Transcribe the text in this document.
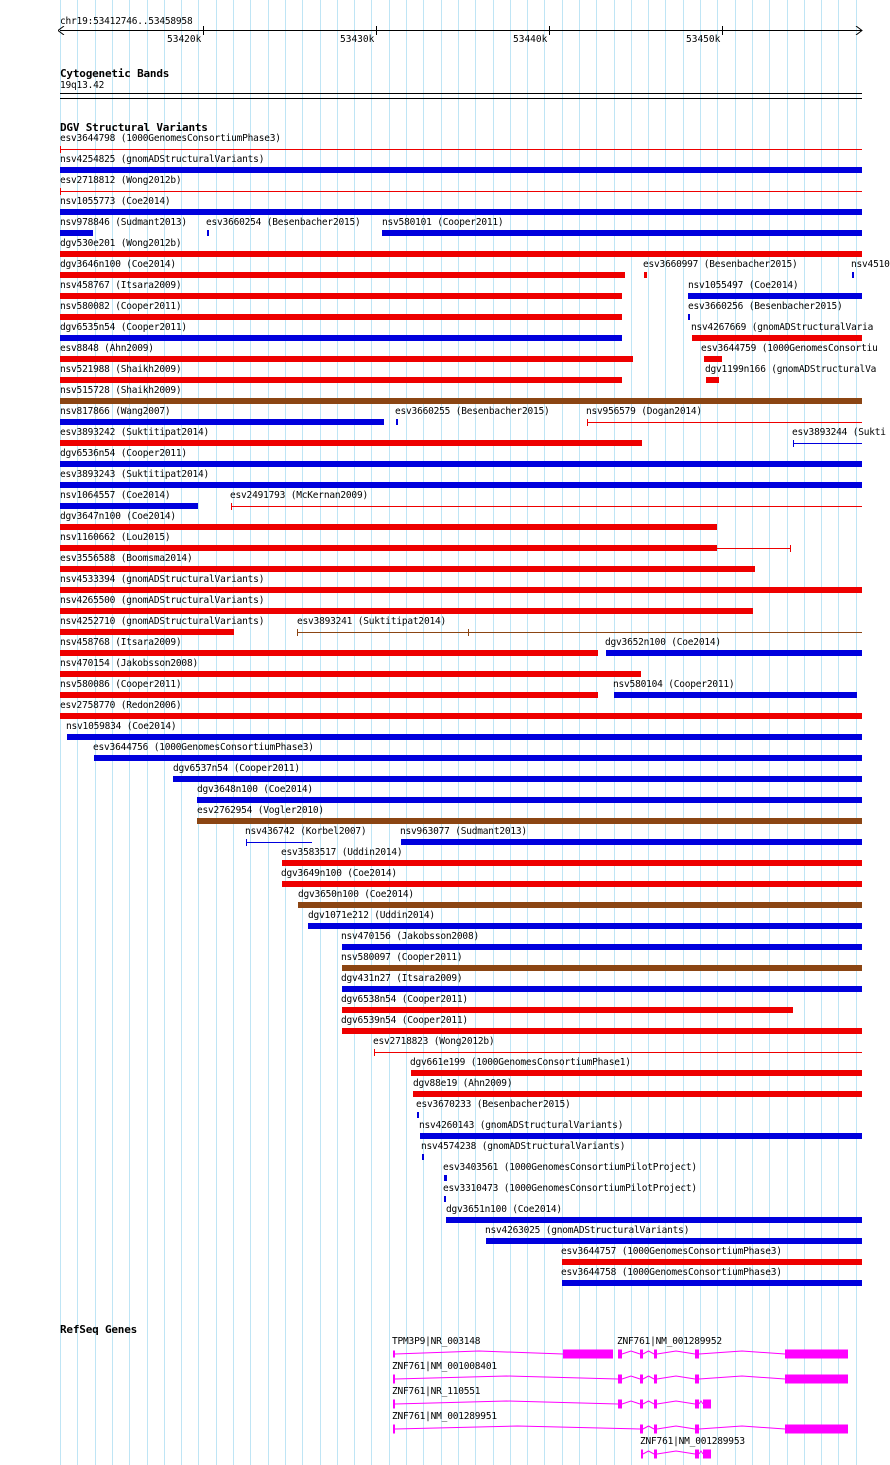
chr19:53412746..53458958
53420k	53430k	53440k	53450k
Cytogenetic Bands
19q13.42
DGV Structural Variants
esv3644798 (1000GenomesConsortiumPhase3)
nsv4254825 (gnomADStructuralVariants)
esv2718812 (Wong2012b)
nsv1055773 (Coe2014)
nsv978846 (Sudmant2013) esv3660254 (Besenbacher2015) nsv580101 (Cooper2011)
dgv530e201 (Wong2012b)
dgv3646n100 (Coe2014)	esv3660997 (Besenbacher2015)	nsv4510
nsv458767 (Itsara2009)	nsv1055497 (Coe2014)
nsv580082 (Cooper2011)	esv3660256 (Besenbacher2015)
dgv6535n54 (Cooper2011)	nsv4267669 (gnomADStructuralVaria
esv8848 (Ahn2009)	esv3644759 (1000GenomesConsortiu
nsv521988 (Shaikh2009)	dgv1199n166 (gnomADStructuralVa
nsv515728 (Shaikh2009)
nsv817866 (Wang2007)	esv3660255 (Besenbacher2015)	nsv956579 (Dogan2014)
esv3893242 (Suktitipat2014)	esv3893244 (Sukti
dgv6536n54 (Cooper2011)
esv3893243 (Suktitipat2014)
nsv1064557 (Coe2014)	esv2491793 (McKernan2009)
dgv3647n100 (Coe2014)
nsv1160662 (Lou2015)
esv3556588 (Boomsma2014)
nsv4533394 (gnomADStructuralVariants)
nsv4265500 (gnomADStructuralVariants)
nsv4252710 (gnomADStructuralVariants)	esv3893241 (Suktitipat2014)
nsv458768 (Itsara2009)	dgv3652n100 (Coe2014)
nsv470154 (Jakobsson2008)
nsv580086 (Cooper2011)	nsv580104 (Cooper2011)
esv2758770 (Redon2006)
nsv1059834 (Coe2014)
esv3644756 (1000GenomesConsortiumPhase3)
dgv6537n54 (Cooper2011)
dgv3648n100 (Coe2014)
esv2762954 (Vogler2010)
nsv436742 (Korbel2007)	nsv963077 (Sudmant2013)
esv3583517 (Uddin2014)
dgv3649n100 (Coe2014)
dgv3650n100 (Coe2014)
dgv1071e212 (Uddin2014)
nsv470156 (Jakobsson2008)
nsv580097 (Cooper2011)
dgv431n27 (Itsara2009)
dgv6538n54 (Cooper2011)
dgv6539n54 (Cooper2011)
esv2718823 (Wong2012b)
dgv661e199 (1000GenomesConsortiumPhase1)
dgv88e19 (Ahn2009)
esv3670233 (Besenbacher2015)
nsv4260143 (gnomADStructuralVariants)
nsv4574238 (gnomADStructuralVariants)
esv3403561 (1000GenomesConsortiumPilotProject)
esv3310473 (1000GenomesConsortiumPilotProject)
dgv3651n100 (Coe2014)
nsv4263025 (gnomADStructuralVariants)
esv3644757 (1000GenomesConsortiumPhase3)
esv3644758 (1000GenomesConsortiumPhase3)
RefSeq Genes
TPM3P9|NR_003148	ZNF761|NM_001289952
ZNF761|NM_001008401
ZNF761|NR_110551
ZNF761|NM_001289951
ZNF761|NM_001289953
